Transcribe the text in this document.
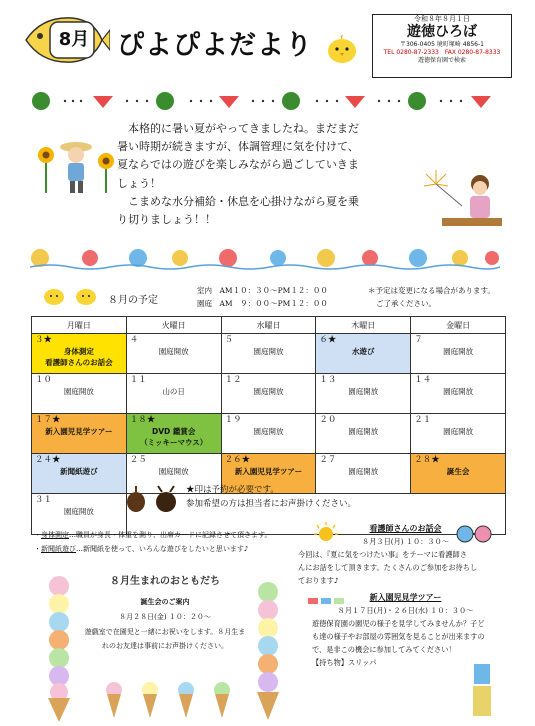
8月 ぴよぴよだより
令和８年８月１日
遊徳ひろば
〒306-0405 境町塚崎 4856-1
TEL 0280-87-2333　FAX 0280-87-8333
遊徳保育園で検索

　本格的に暑い夏がやってきましたね。まだまだ

暑い時期が続きますが、体調管理に気を付けて、

夏ならではの遊びを楽しみながら過ごしていきま

しょう！

　こまめな水分補給・休息を心掛けながら夏を乗

り切りましょう！！

８月の予定
室内　AM１０：３０～PM１２：００
園庭　AM　９：００～PM１２：００
＊予定は変更になる場合があります。
ご了承ください。
月曜日	火曜日	水曜日	木曜日	金曜日

３★
身体測定
看護師さんのお話会	４
園庭開放	５
園庭開放	６★
水遊び	７
園庭開放

１０
園庭開放	１１
山の日	１２
園庭開放	１３
園庭開放	１４
園庭開放

１７★
新入園児見学ツアー	１８★
DVD 鑑賞会
（ミッキーマウス）	１９
園庭開放	２０
園庭開放	２１
園庭開放

２４★
新聞紙遊び	２５
園庭開放	２６★
新入園児見学ツアー	２７
園庭開放	２８★
誕生会

３１
園庭開放				

★印は予約が必要です。
参加希望の方は担当者にお声掛けください。
・身体測定…職員が身長・体重を測り、出席カードに記録させて頂きます。
・新聞紙遊び…新聞紙を使って、いろんな遊びをしたいと思います♪
８月生まれのおともだち
誕生会のご案内
８月２８日(金) １０：２０～
遊戯室で在園児と一緒にお祝いをします。８月生ま
れのお友達は事前にお声掛けください。
看護師さんのお話会
８月３日(月) １０：３０～
今回は、『夏に気をつけたい事』をテーマに看護師さ
んにお話をして頂きます。たくさんのご参加をお待ちし
ております♪
新入園児見学ツアー
８月１７日(月)・２６日(水) １０：３０～
遊徳保育園の園児の様子を見学してみませんか？子ども達の様子やお部屋の雰囲気を見ることが出来ますので、是非この機会に参加してみてください！
【持ち物】スリッパ
